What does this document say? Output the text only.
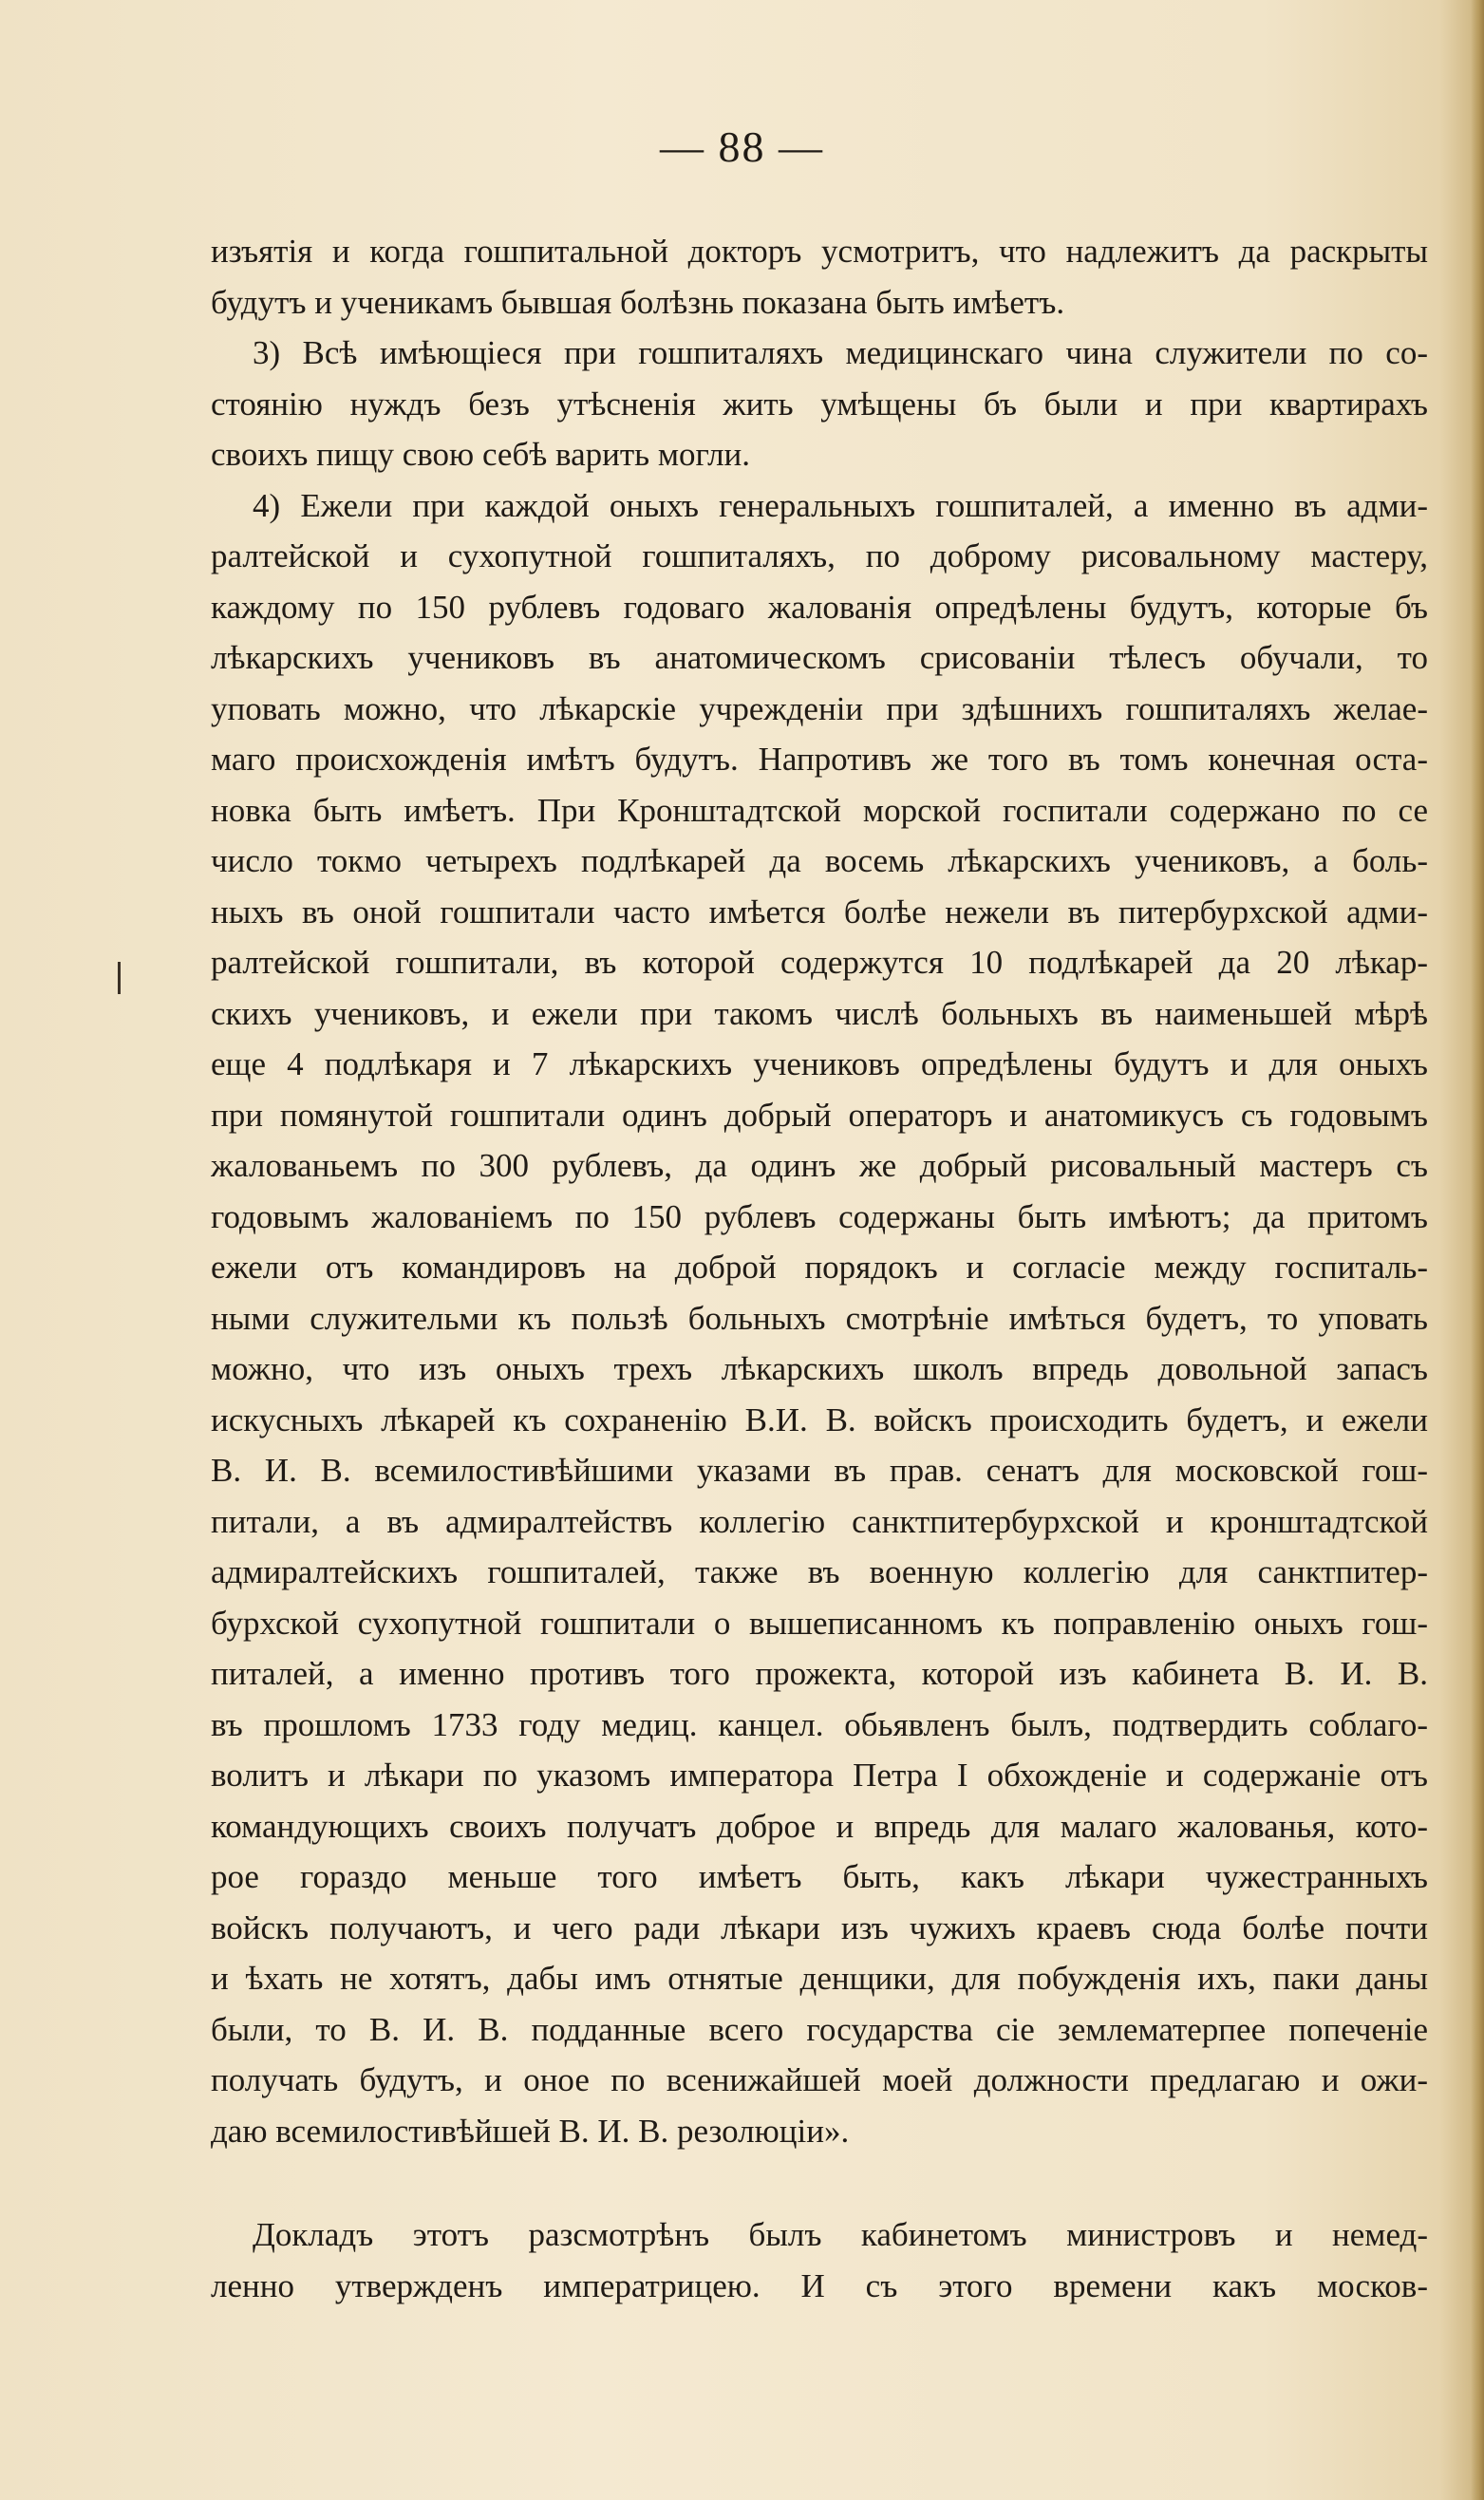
— 88 —
изъятія и когда гошпитальной докторъ усмотритъ, что надлежитъ да раскрыты
будутъ и ученикамъ бывшая болѣзнь показана быть имѣетъ.
3) Всѣ имѣющіеся при гошпиталяхъ медицинскаго чина служители по со-
стоянію нуждъ безъ утѣсненія жить умѣщены бъ были и при квартирахъ
своихъ пищу свою себѣ варить могли.
4) Ежели при каждой оныхъ генеральныхъ гошпиталей, а именно въ адми-
ралтейской и сухопутной гошпиталяхъ, по доброму рисовальному мастеру,
каждому по 150 рублевъ годоваго жалованія опредѣлены будутъ, которые бъ
лѣкарскихъ учениковъ въ анатомическомъ срисованіи тѣлесъ обучали, то
уповать можно, что лѣкарскіе учрежденіи при здѣшнихъ гошпиталяхъ желае-
маго происхожденія имѣтъ будутъ. Напротивъ же того въ томъ конечная оста-
новка быть имѣетъ. При Кронштадтской морской госпитали содержано по се
число токмо четырехъ подлѣкарей да восемь лѣкарскихъ учениковъ, а боль-
ныхъ въ оной гошпитали часто имѣется болѣе нежели въ питербурхской адми-
ралтейской гошпитали, въ которой содержутся 10 подлѣкарей да 20 лѣкар-
скихъ учениковъ, и ежели при такомъ числѣ больныхъ въ наименьшей мѣрѣ
еще 4 подлѣкаря и 7 лѣкарскихъ учениковъ опредѣлены будутъ и для оныхъ
при помянутой гошпитали одинъ добрый операторъ и анатомикусъ съ годовымъ
жалованьемъ по 300 рублевъ, да одинъ же добрый рисовальный мастеръ съ
годовымъ жалованіемъ по 150 рублевъ содержаны быть имѣютъ; да притомъ
ежели отъ командировъ на доброй порядокъ и согласіе между госпиталь-
ными служительми къ пользѣ больныхъ смотрѣніе имѣться будетъ, то уповать
можно, что изъ оныхъ трехъ лѣкарскихъ школъ впредь довольной запасъ
искусныхъ лѣкарей къ сохраненію В.И. В. войскъ происходить будетъ, и ежели
В. И. В. всемилостивѣйшими указами въ прав. сенатъ для московской гош-
питали, а въ адмиралтействъ коллегію санктпитербурхской и кронштадтской
адмиралтейскихъ гошпиталей, также въ военную коллегію для санктпитер-
бурхской сухопутной гошпитали о вышеписанномъ къ поправленію оныхъ гош-
питалей, а именно противъ того прожекта, которой изъ кабинета В. И. В.
въ прошломъ 1733 году медиц. канцел. обьявленъ былъ, подтвердить соблаго-
волитъ и лѣкари по указомъ императора Петра I обхожденіе и содержаніе отъ
командующихъ своихъ получатъ доброе и впредь для малаго жалованья, кото-
рое гораздо меньше того имѣетъ быть, какъ лѣкари чужестранныхъ
войскъ получаютъ, и чего ради лѣкари изъ чужихъ краевъ сюда болѣе почти
и ѣхать не хотятъ, дабы имъ отнятые денщики, для побужденія ихъ, паки даны
были, то В. И. В. подданные всего государства сіе землематерпее попеченіе
получать будутъ, и оное по всенижайшей моей должности предлагаю и ожи-
даю всемилостивѣйшей В. И. В. резолюціи».
Докладъ этотъ разсмотрѣнъ былъ кабинетомъ министровъ и немед-
ленно утвержденъ императрицею. И съ этого времени какъ москов-
